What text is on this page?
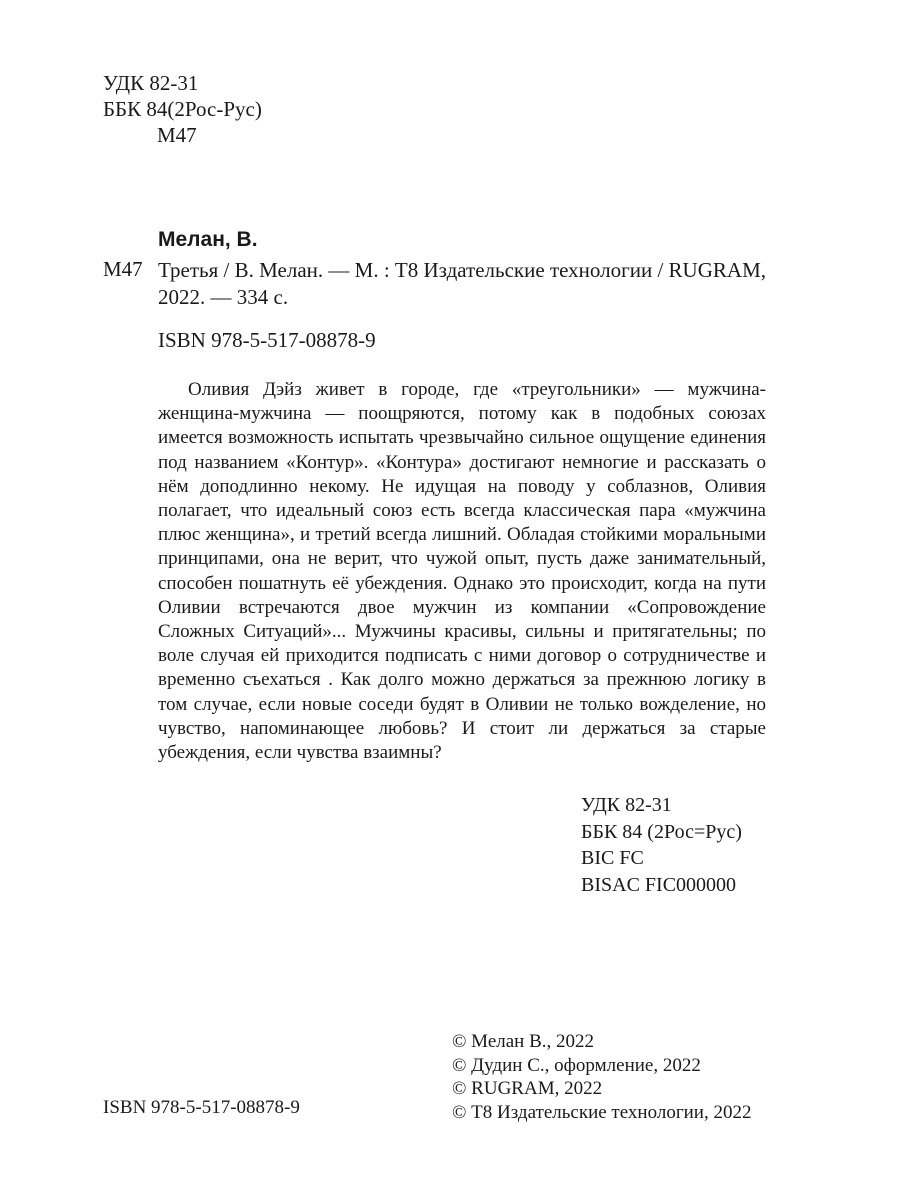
УДК 82-31
ББК 84(2Рос-Рус)
М47
Мелан, В.
М47 Третья / В. Мелан. — М. : Т8 Издательские технологии / RUGRAM, 2022. — 334 с.
ISBN 978-5-517-08878-9
Оливия Дэйз живет в городе, где «треугольники» — мужчина-женщина-мужчина — поощряются, потому как в подобных союзах имеется возможность испытать чрезвычайно сильное ощущение единения под названием «Контур». «Контура» достигают немногие и рассказать о нём доподлинно некому. Не идущая на поводу у соблазнов, Оливия полагает, что идеальный союз есть всегда классическая пара «мужчина плюс женщина», и третий всегда лишний. Обладая стойкими моральными принципами, она не верит, что чужой опыт, пусть даже занимательный, способен пошатнуть её убеждения. Однако это происходит, когда на пути Оливии встречаются двое мужчин из компании «Сопровождение Сложных Ситуаций»... Мужчины красивы, сильны и притягательны; по воле случая ей приходится подписать с ними договор о сотрудничестве и временно съехаться . Как долго можно держаться за прежнюю логику в том случае, если новые соседи будят в Оливии не только вожделение, но чувство, напоминающее любовь? И стоит ли держаться за старые убеждения, если чувства взаимны?
УДК 82-31
ББК 84 (2Рос=Рус)
BIC FC
BISAC FIC000000
ISBN 978-5-517-08878-9
© Мелан В., 2022
© Дудин С., оформление, 2022
© RUGRAM, 2022
© Т8 Издательские технологии, 2022
